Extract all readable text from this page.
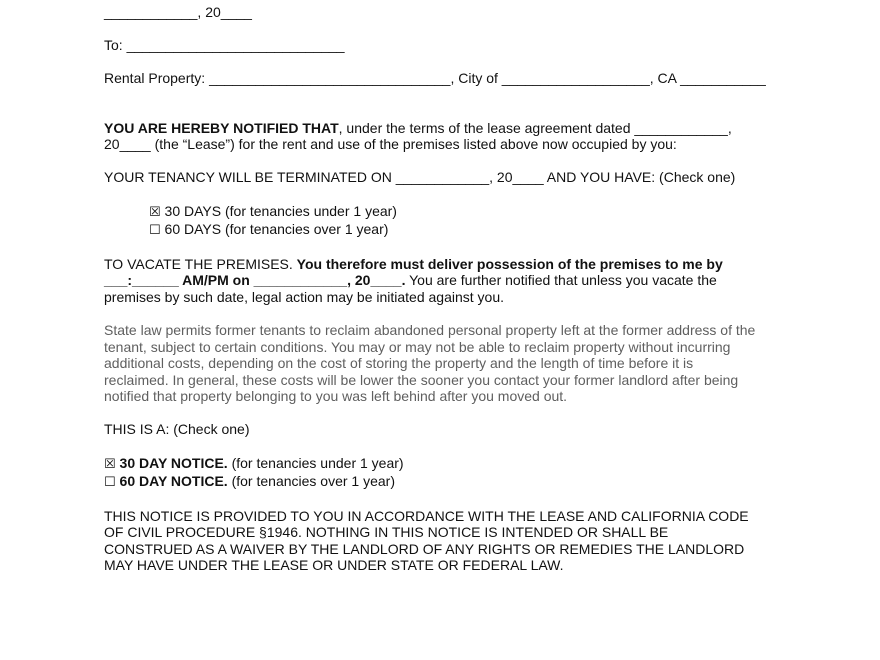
____________, 20____
To: ____________________________
Rental Property: _______________________________, City of ___________________, CA ___________
YOU ARE HEREBY NOTIFIED THAT, under the terms of the lease agreement dated ____________,
20____ (the “Lease”) for the rent and use of the premises listed above now occupied by you:
YOUR TENANCY WILL BE TERMINATED ON ____________, 20____ AND YOU HAVE: (Check one)
☒ 30 DAYS (for tenancies under 1 year)
☐ 60 DAYS (for tenancies over 1 year)
TO VACATE THE PREMISES. You therefore must deliver possession of the premises to me by
___:______ AM/PM on ____________, 20____. You are further notified that unless you vacate the
premises by such date, legal action may be initiated against you.
State law permits former tenants to reclaim abandoned personal property left at the former address of the
tenant, subject to certain conditions. You may or may not be able to reclaim property without incurring
additional costs, depending on the cost of storing the property and the length of time before it is
reclaimed. In general, these costs will be lower the sooner you contact your former landlord after being
notified that property belonging to you was left behind after you moved out.
THIS IS A: (Check one)
☒ 30 DAY NOTICE. (for tenancies under 1 year)
☐ 60 DAY NOTICE. (for tenancies over 1 year)
THIS NOTICE IS PROVIDED TO YOU IN ACCORDANCE WITH THE LEASE AND CALIFORNIA CODE
OF CIVIL PROCEDURE §1946. NOTHING IN THIS NOTICE IS INTENDED OR SHALL BE
CONSTRUED AS A WAIVER BY THE LANDLORD OF ANY RIGHTS OR REMEDIES THE LANDLORD
MAY HAVE UNDER THE LEASE OR UNDER STATE OR FEDERAL LAW.
